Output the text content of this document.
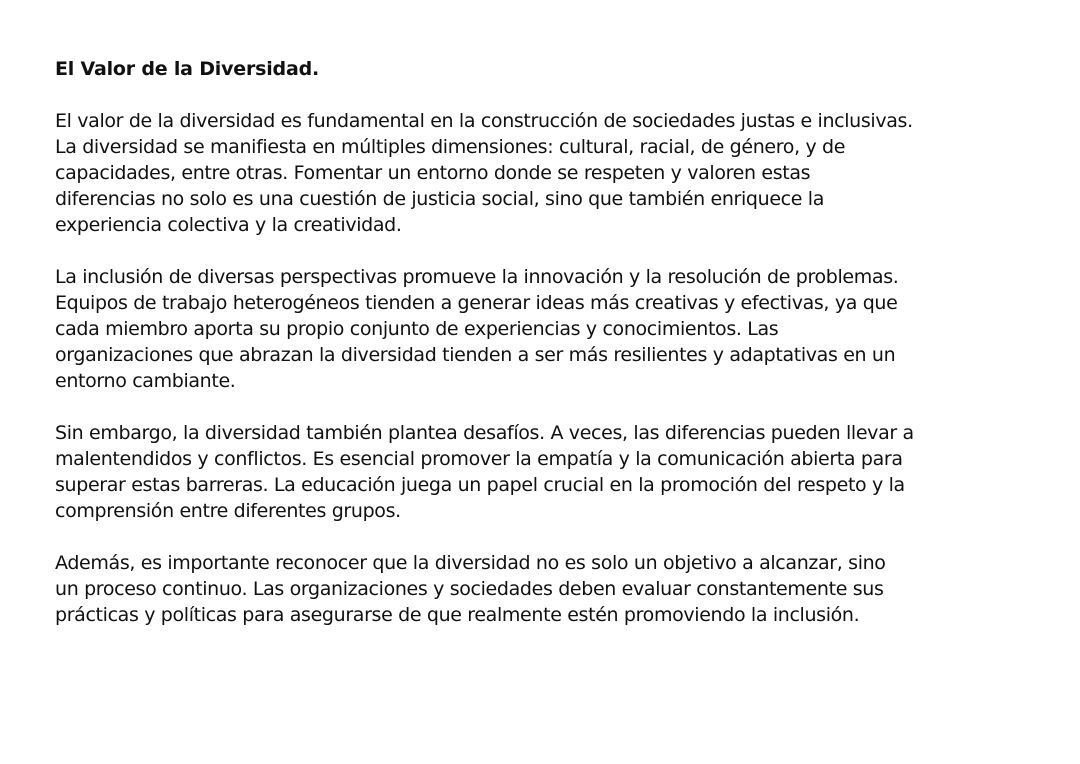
El Valor de la Diversidad.

El valor de la diversidad es fundamental en la construcción de sociedades justas e inclusivas.
La diversidad se manifiesta en múltiples dimensiones: cultural, racial, de género, y de
capacidades, entre otras. Fomentar un entorno donde se respeten y valoren estas
diferencias no solo es una cuestión de justicia social, sino que también enriquece la
experiencia colectiva y la creatividad.

La inclusión de diversas perspectivas promueve la innovación y la resolución de problemas.
Equipos de trabajo heterogéneos tienden a generar ideas más creativas y efectivas, ya que
cada miembro aporta su propio conjunto de experiencias y conocimientos. Las
organizaciones que abrazan la diversidad tienden a ser más resilientes y adaptativas en un
entorno cambiante.

Sin embargo, la diversidad también plantea desafíos. A veces, las diferencias pueden llevar a
malentendidos y conflictos. Es esencial promover la empatía y la comunicación abierta para
superar estas barreras. La educación juega un papel crucial en la promoción del respeto y la
comprensión entre diferentes grupos.

Además, es importante reconocer que la diversidad no es solo un objetivo a alcanzar, sino
un proceso continuo. Las organizaciones y sociedades deben evaluar constantemente sus
prácticas y políticas para asegurarse de que realmente estén promoviendo la inclusión.
